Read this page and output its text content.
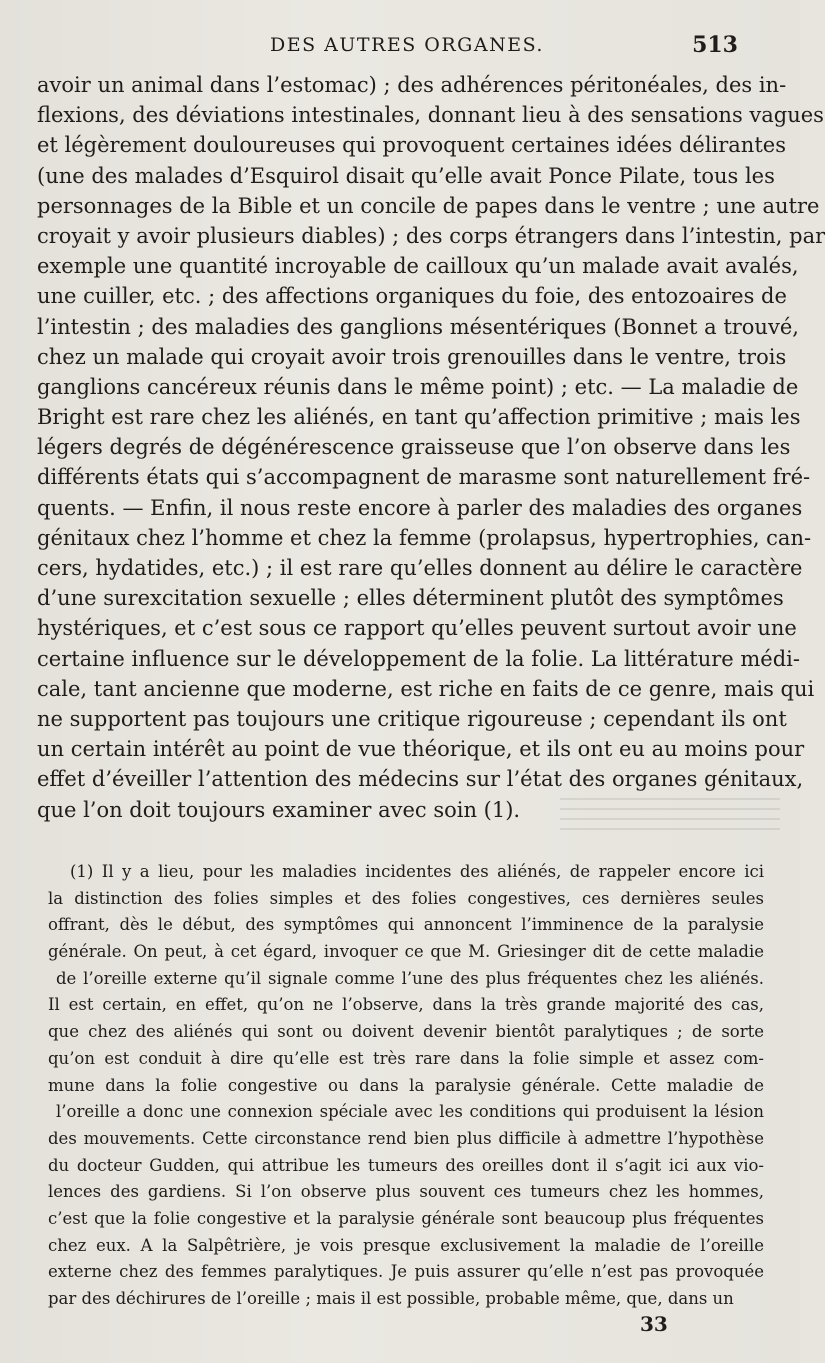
DES AUTRES ORGANES.	513
avoir un animal dans l’estomac) ; des adhérences péritonéales, des in-
flexions, des déviations intestinales, donnant lieu à des sensations vagues
et légèrement douloureuses qui provoquent certaines idées délirantes
(une des malades d’Esquirol disait qu’elle avait Ponce Pilate, tous les
personnages de la Bible et un concile de papes dans le ventre ; une autre
croyait y avoir plusieurs diables) ; des corps étrangers dans l’intestin, par
exemple une quantité incroyable de cailloux qu’un malade avait avalés,
une cuiller, etc. ; des affections organiques du foie, des entozoaires de
l’intestin ; des maladies des ganglions mésentériques (Bonnet a trouvé,
chez un malade qui croyait avoir trois grenouilles dans le ventre, trois
ganglions cancéreux réunis dans le même point) ; etc. — La maladie de
Bright est rare chez les aliénés, en tant qu’affection primitive ; mais les
légers degrés de dégénérescence graisseuse que l’on observe dans les
différents états qui s’accompagnent de marasme sont naturellement fré-
quents. — Enfin, il nous reste encore à parler des maladies des organes
génitaux chez l’homme et chez la femme (prolapsus, hypertrophies, can-
cers, hydatides, etc.) ; il est rare qu’elles donnent au délire le caractère
d’une surexcitation sexuelle ; elles déterminent plutôt des symptômes
hystériques, et c’est sous ce rapport qu’elles peuvent surtout avoir une
certaine influence sur le développement de la folie. La littérature médi-
cale, tant ancienne que moderne, est riche en faits de ce genre, mais qui
ne supportent pas toujours une critique rigoureuse ; cependant ils ont
un certain intérêt au point de vue théorique, et ils ont eu au moins pour
effet d’éveiller l’attention des médecins sur l’état des organes génitaux,
que l’on doit toujours examiner avec soin (1).
(1) Il y a lieu, pour les maladies incidentes des aliénés, de rappeler encore ici
la distinction des folies simples et des folies congestives, ces dernières seules
offrant, dès le début, des symptômes qui annoncent l’imminence de la paralysie
générale. On peut, à cet égard, invoquer ce que M. Griesinger dit de cette maladie
de l’oreille externe qu’il signale comme l’une des plus fréquentes chez les aliénés.
Il est certain, en effet, qu’on ne l’observe, dans la très grande majorité des cas,
que chez des aliénés qui sont ou doivent devenir bientôt paralytiques ; de sorte
qu’on est conduit à dire qu’elle est très rare dans la folie simple et assez com-
mune dans la folie congestive ou dans la paralysie générale. Cette maladie de
l’oreille a donc une connexion spéciale avec les conditions qui produisent la lésion
des mouvements. Cette circonstance rend bien plus difficile à admettre l’hypothèse
du docteur Gudden, qui attribue les tumeurs des oreilles dont il s’agit ici aux vio-
lences des gardiens. Si l’on observe plus souvent ces tumeurs chez les hommes,
c’est que la folie congestive et la paralysie générale sont beaucoup plus fréquentes
chez eux. A la Salpêtrière, je vois presque exclusivement la maladie de l’oreille
externe chez des femmes paralytiques. Je puis assurer qu’elle n’est pas provoquée
par des déchirures de l’oreille ; mais il est possible, probable même, que, dans un
33
